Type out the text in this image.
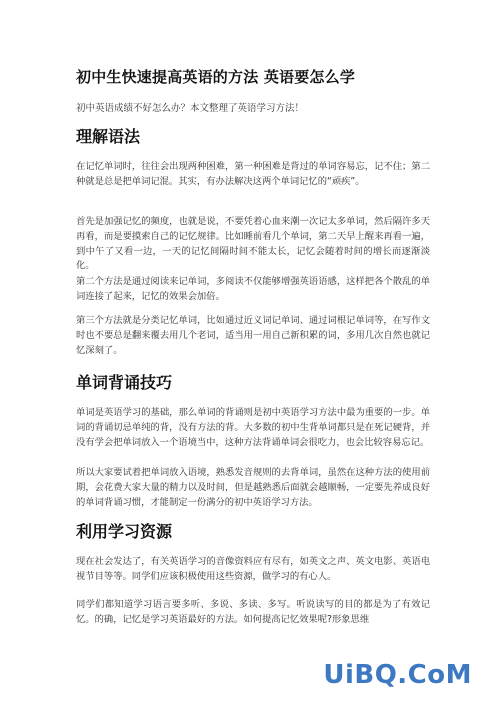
初中生快速提高英语的方法 英语要怎么学
初中英语成绩不好怎么办？本文整理了英语学习方法！
理解语法

在记忆单词时，往往会出现两种困难，第一种困难是背过的单词容易忘，记不住；第二种就是总是把单词记混。其实，有办法解决这两个单词记忆的“顽疾”。

首先是加强记忆的频度，也就是说，不要凭着心血来潮一次记太多单词，然后隔许多天再看，而是要摸索自己的记忆规律。比如睡前看几个单词，第二天早上醒来再看一遍，到中午了又看一边，一天的记忆间隔时间不能太长，记忆会随着时间的增长而逐渐淡化。

第二个方法是通过阅读来记单词，多阅读不仅能够增强英语语感，这样把各个散乱的单词连接了起来，记忆的效果会加倍。

第三个方法就是分类记忆单词，比如通过近义词记单词、通过词根记单词等，在写作文时也不要总是翻来覆去用几个老词，适当用一用自己新积累的词，多用几次自然也就记忆深刻了。

单词背诵技巧

单词是英语学习的基础，那么单词的背诵则是初中英语学习方法中最为重要的一步。单词的背诵切忌单纯的背，没有方法的背。大多数的初中生背单词都只是在死记硬背，并没有学会把单词放入一个语境当中，这种方法背诵单词会很吃力，也会比较容易忘记。

所以大家要试着把单词放入语境，熟悉发音规则的去背单词，虽然在这种方法的使用前期，会花费大家大量的精力以及时间，但是越熟悉后面就会越顺畅，一定要先养成良好的单词背诵习惯，才能制定一份满分的初中英语学习方法。

利用学习资源

现在社会发达了，有关英语学习的音像资料应有尽有，如英文之声、英文电影、英语电视节目等等。同学们应该积极使用这些资源，做学习的有心人。

同学们都知道学习语言要多听、多说、多读、多写。听说读写的目的都是为了有效记忆。的确，记忆是学习英语最好的方法。如何提高记忆效果呢?形象思维

UiBQ.CoM
